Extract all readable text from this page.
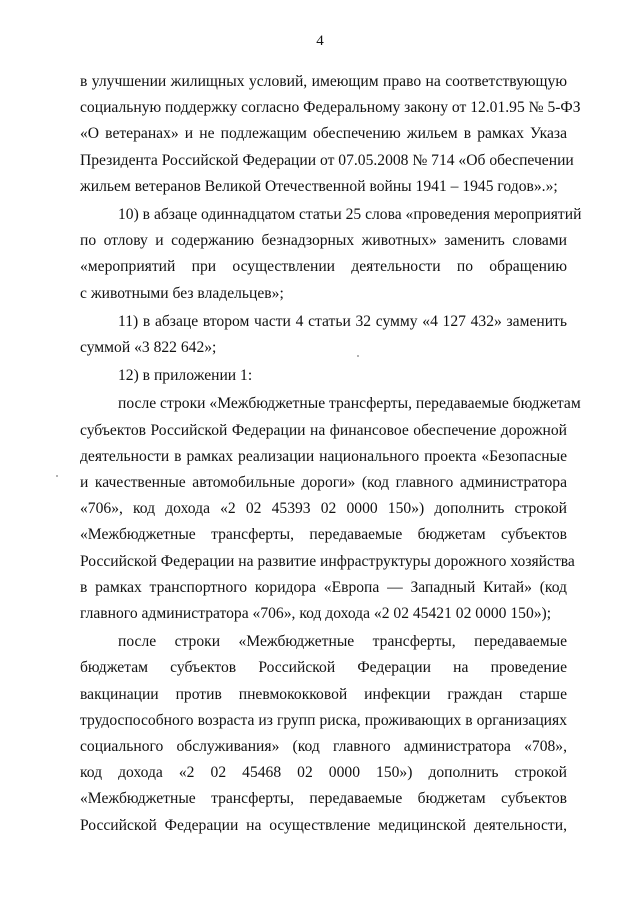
4
в улучшении жилищных условий, имеющим право на соответствующую
социальную поддержку согласно Федеральному закону от 12.01.95 № 5-ФЗ
«О ветеранах» и не подлежащим обеспечению жильем в рамках Указа
Президента Российской Федерации от 07.05.2008 № 714 «Об обеспечении
жильем ветеранов Великой Отечественной войны 1941 – 1945 годов».»;
10) в абзаце одиннадцатом статьи 25 слова «проведения мероприятий
по отлову и содержанию безнадзорных животных» заменить словами
«мероприятий при осуществлении деятельности по обращению
с животными без владельцев»;
11) в абзаце втором части 4 статьи 32 сумму «4 127 432» заменить
суммой «3 822 642»;
12) в приложении 1:
после строки «Межбюджетные трансферты, передаваемые бюджетам
субъектов Российской Федерации на финансовое обеспечение дорожной
деятельности в рамках реализации национального проекта «Безопасные
и качественные автомобильные дороги» (код главного администратора
«706», код дохода «2 02 45393 02 0000 150») дополнить строкой
«Межбюджетные трансферты, передаваемые бюджетам субъектов
Российской Федерации на развитие инфраструктуры дорожного хозяйства
в рамках транспортного коридора «Европа — Западный Китай» (код
главного администратора «706», код дохода «2 02 45421 02 0000 150»);
после строки «Межбюджетные трансферты, передаваемые
бюджетам субъектов Российской Федерации на проведение
вакцинации против пневмококковой инфекции граждан старше
трудоспособного возраста из групп риска, проживающих в организациях
социального обслуживания» (код главного администратора «708»,
код дохода «2 02 45468 02 0000 150») дополнить строкой
«Межбюджетные трансферты, передаваемые бюджетам субъектов
Российской Федерации на осуществление медицинской деятельности,
